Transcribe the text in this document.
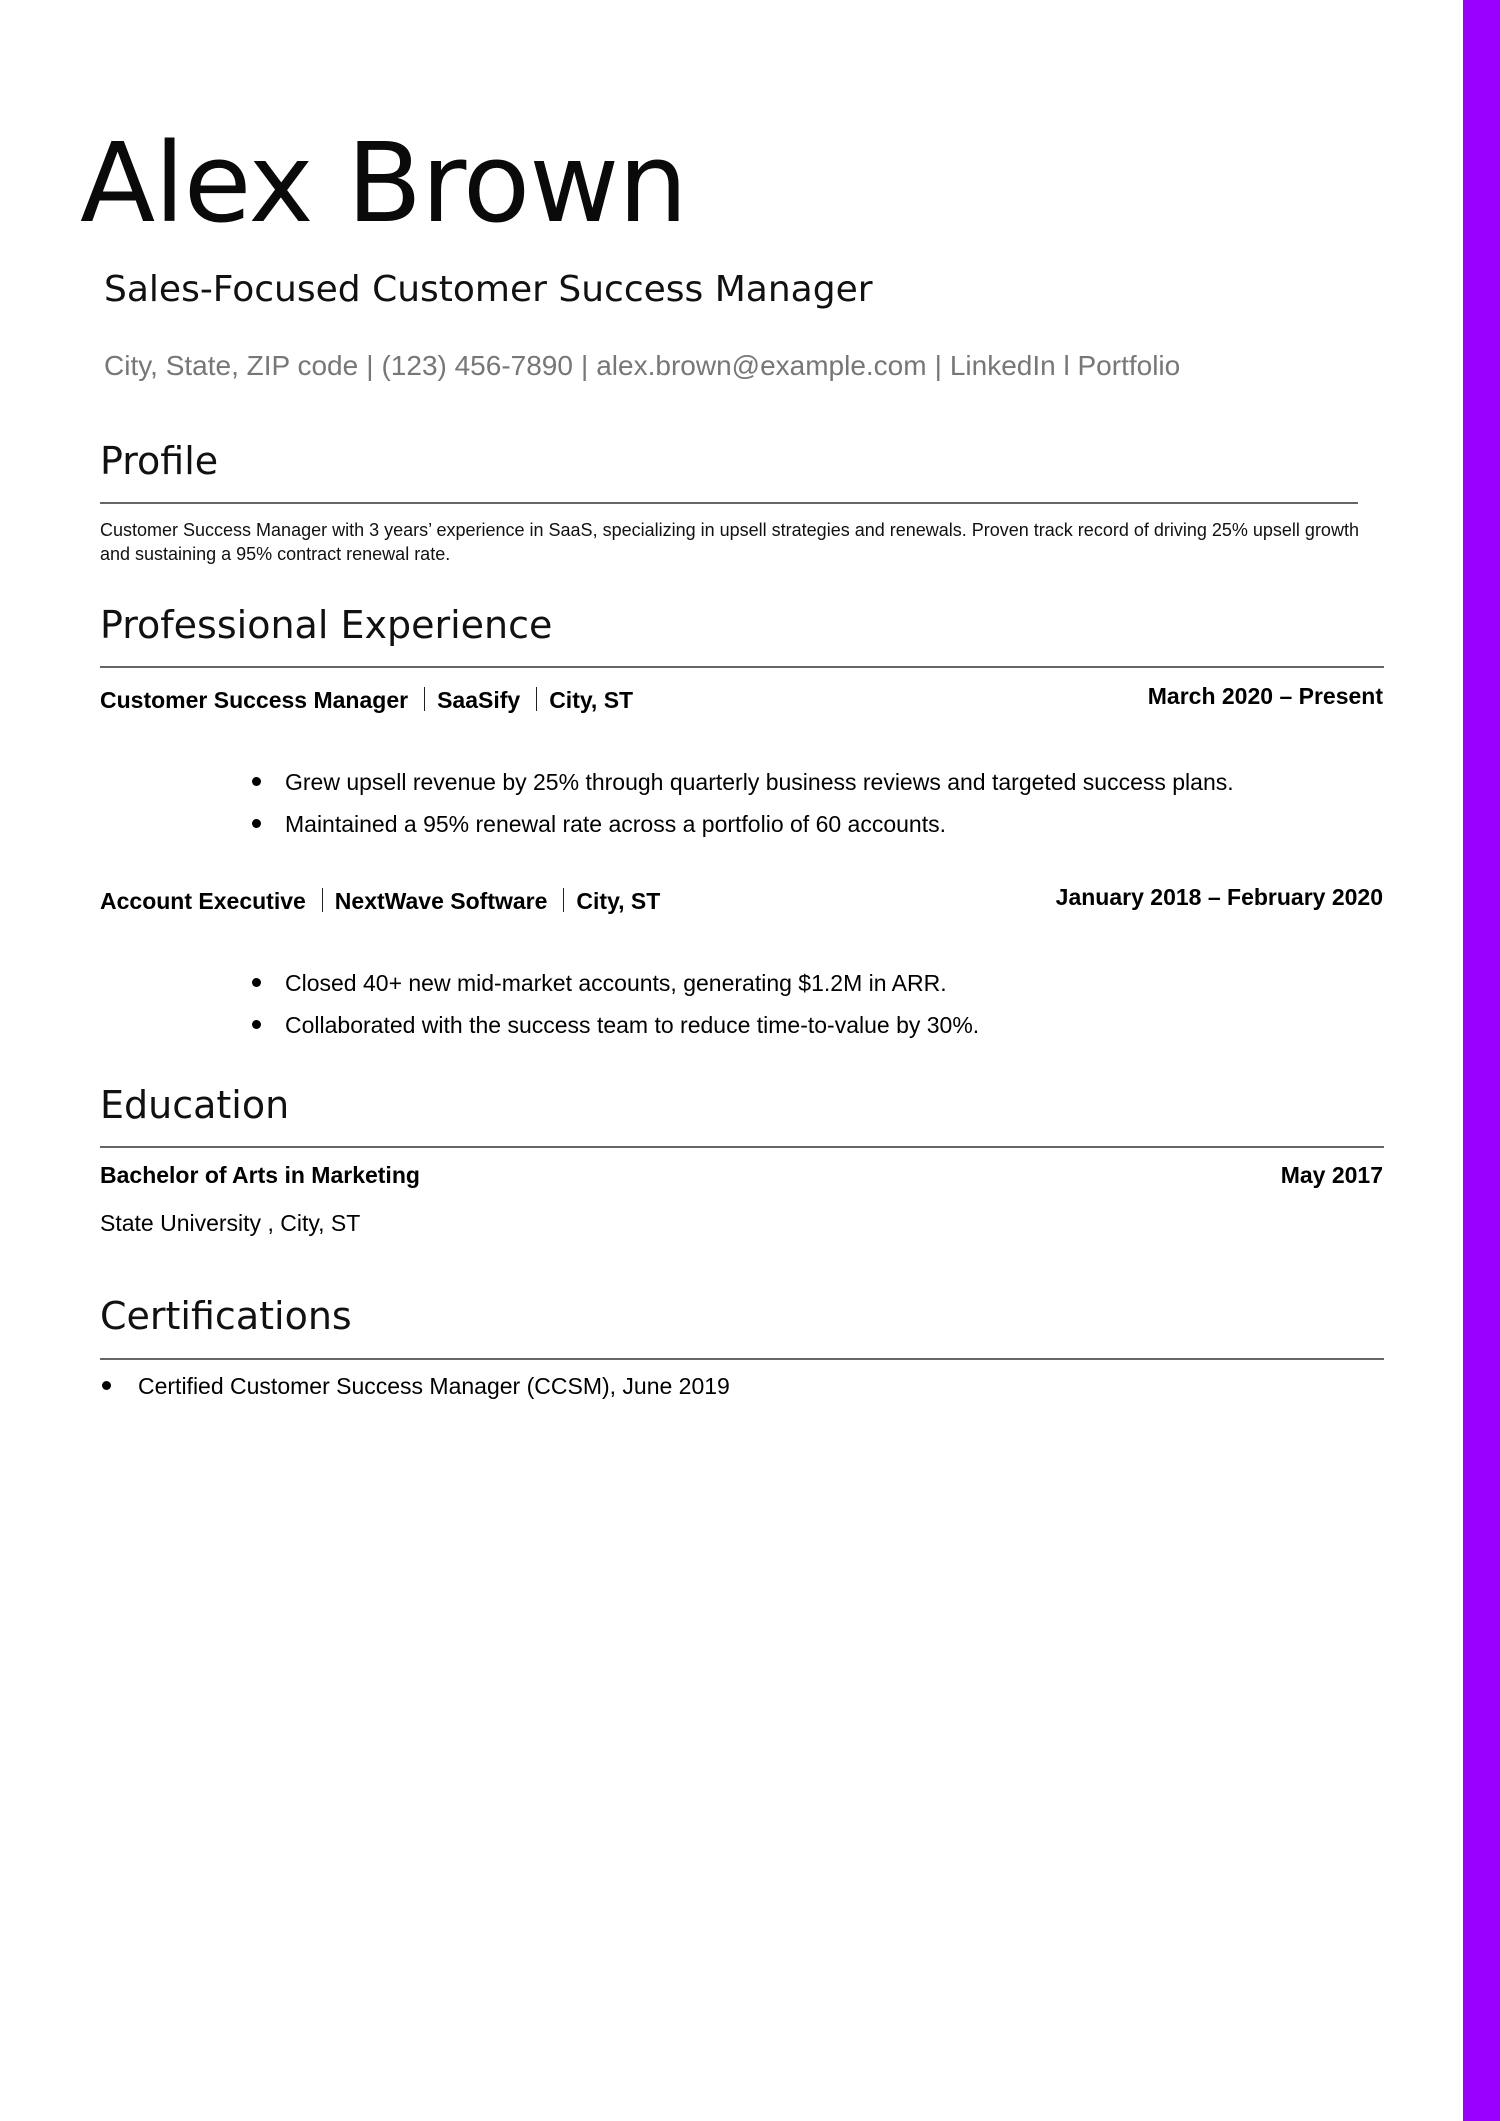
Alex Brown
Sales-Focused Customer Success Manager
City, State, ZIP code | (123) 456-7890 | alex.brown@example.com | LinkedIn l Portfolio
Profile
Customer Success Manager with 3 years’ experience in SaaS, specializing in upsell strategies and renewals. Proven track record of driving 25% upsell growth and sustaining a 95% contract renewal rate.
Professional Experience
Customer Success Manager SaaSify City, ST	March 2020 – Present
Grew upsell revenue by 25% through quarterly business reviews and targeted success plans.
Maintained a 95% renewal rate across a portfolio of 60 accounts.
Account Executive NextWave Software City, ST	January 2018 – February 2020
Closed 40+ new mid-market accounts, generating $1.2M in ARR.
Collaborated with the success team to reduce time-to-value by 30%.
Education
Bachelor of Arts in Marketing	May 2017
State University , City, ST
Certifications
Certified Customer Success Manager (CCSM), June 2019
